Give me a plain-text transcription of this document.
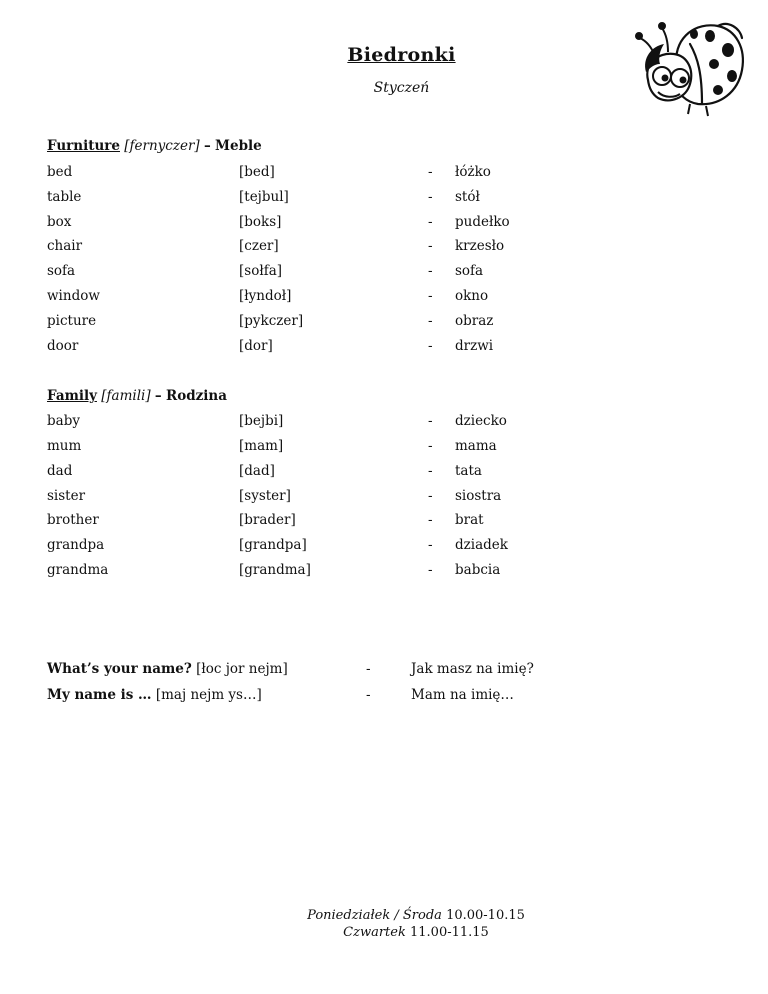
Biedronki
Styczeń
Furniture [fernyczer] – Meble
bed	[bed]	- łóżko
table	[tejbul]	- stół
box	[boks]	- pudełko
chair	[czer]	- krzesło
sofa	[sołfa]	- sofa
window	[łyndoł]	- okno
picture	[pykczer]	- obraz
door	[dor]	- drzwi
Family [famili] – Rodzina
baby	[bejbi]	- dziecko
mum	[mam]	- mama
dad	[dad]	- tata
sister	[syster]	- siostra
brother	[brader]	- brat
grandpa	[grandpa]	- dziadek
grandma	[grandma]	- babcia
What’s your name? [łoc jor nejm]	-	Jak masz na imię?
My name is … [maj nejm ys…]	-	Mam na imię…
Poniedziałek / Środa 10.00-10.15
Czwartek 11.00-11.15
